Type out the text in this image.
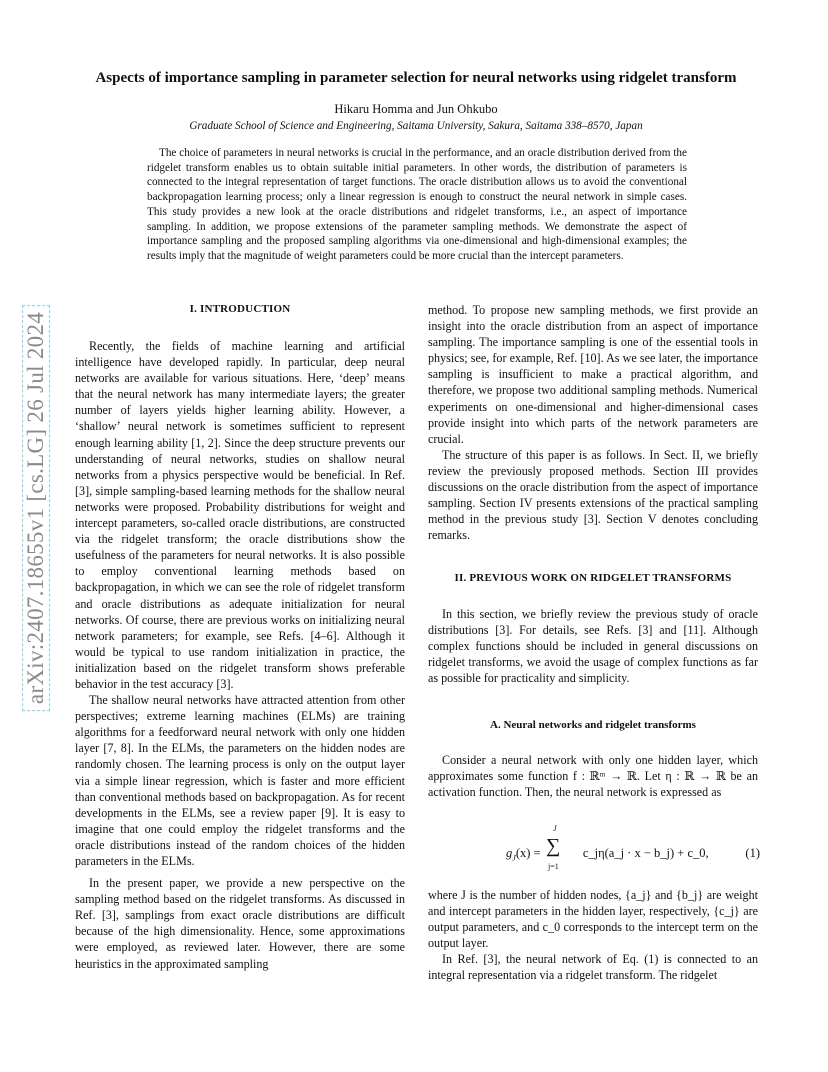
arXiv:2407.18655v1 [cs.LG] 26 Jul 2024
Aspects of importance sampling in parameter selection for neural networks using ridgelet transform
Hikaru Homma and Jun Ohkubo
Graduate School of Science and Engineering, Saitama University, Sakura, Saitama 338–8570, Japan

The choice of parameters in neural networks is crucial in the performance, and an oracle distribution derived from the ridgelet transform enables us to obtain suitable initial parameters. In other words, the distribution of parameters is connected to the integral representation of target functions. The oracle distribution allows us to avoid the conventional backpropagation learning process; only a linear regression is enough to construct the neural network in simple cases. This study provides a new look at the oracle distributions and ridgelet transforms, i.e., an aspect of importance sampling. In addition, we propose extensions of the parameter sampling methods. We demonstrate the aspect of importance sampling and the proposed sampling algorithms via one-dimensional and high-dimensional examples; the results imply that the magnitude of weight parameters could be more crucial than the intercept parameters.

I. INTRODUCTION

Recently, the fields of machine learning and artificial intelligence have developed rapidly. In particular, deep neural networks are available for various situations. Here, ‘deep’ means that the neural network has many intermediate layers; the greater number of layers yields higher learning ability. However, a ‘shallow’ neural network is sometimes sufficient to represent enough learning ability [1, 2]. Since the deep structure prevents our understanding of neural networks, studies on shallow neural networks from a physics perspective would be beneficial. In Ref. [3], simple sampling-based learning methods for the shallow neural networks were proposed. Probability distributions for weight and intercept parameters, so-called oracle distributions, are constructed via the ridgelet transform; the oracle distributions show the usefulness of the parameters for neural networks. It is also possible to employ conventional learning methods based on backpropagation, in which we can see the role of ridgelet transform and oracle distributions as adequate initialization for neural networks. Of course, there are previous works on initializing neural network parameters; for example, see Refs. [4–6]. Although it would be typical to use random initialization in practice, the initialization based on the ridgelet transform shows preferable behavior in the test accuracy [3].

The shallow neural networks have attracted attention from other perspectives; extreme learning machines (ELMs) are training algorithms for a feedforward neural network with only one hidden layer [7, 8]. In the ELMs, the parameters on the hidden nodes are randomly chosen. The learning process is only on the output layer via a simple linear regression, which is faster and more efficient than conventional methods based on backpropagation. As for recent developments in the ELMs, see a review paper [9]. It is easy to imagine that one could employ the ridgelet transforms and the oracle distributions instead of the random choices of the hidden parameters in the ELMs.

In the present paper, we provide a new perspective on the sampling method based on the ridgelet transforms. As discussed in Ref. [3], samplings from exact oracle distributions are difficult because of the high dimensionality. Hence, some approximations were employed, as reviewed later. However, there are some heuristics in the approximated sampling

method. To propose new sampling methods, we first provide an insight into the oracle distribution from an aspect of importance sampling. The importance sampling is one of the essential tools in physics; see, for example, Ref. [10]. As we see later, the importance sampling is insufficient to make a practical algorithm, and therefore, we propose two additional sampling methods. Numerical experiments on one-dimensional and higher-dimensional cases provide insight into which parts of the network parameters are crucial.

The structure of this paper is as follows. In Sect. II, we briefly review the previously proposed methods. Section III provides discussions on the oracle distribution from the aspect of importance sampling. Section IV presents extensions of the practical sampling method in the previous study [3]. Section V denotes concluding remarks.

II. PREVIOUS WORK ON RIDGELET TRANSFORMS

In this section, we briefly review the previous study of oracle distributions [3]. For details, see Refs. [3] and [11]. Although complex functions should be included in general discussions on ridgelet transforms, we avoid the usage of complex functions as far as possible for practicality and simplicity.

A. Neural networks and ridgelet transforms

Consider a neural network with only one hidden layer, which approximates some function f : ℝᵐ → ℝ. Let η : ℝ → ℝ be an activation function. Then, the neural network is expressed as

$g_J(x)$ =	c_jη(a_j · x − b_j) + c_0,
∑
J
j=1
(1)

where J is the number of hidden nodes, {a_j} and {b_j} are weight and intercept parameters in the hidden layer, respectively, {c_j} are output parameters, and c_0 corresponds to the intercept term on the output layer.

In Ref. [3], the neural network of Eq. (1) is connected to an integral representation via a ridgelet transform. The ridgelet
